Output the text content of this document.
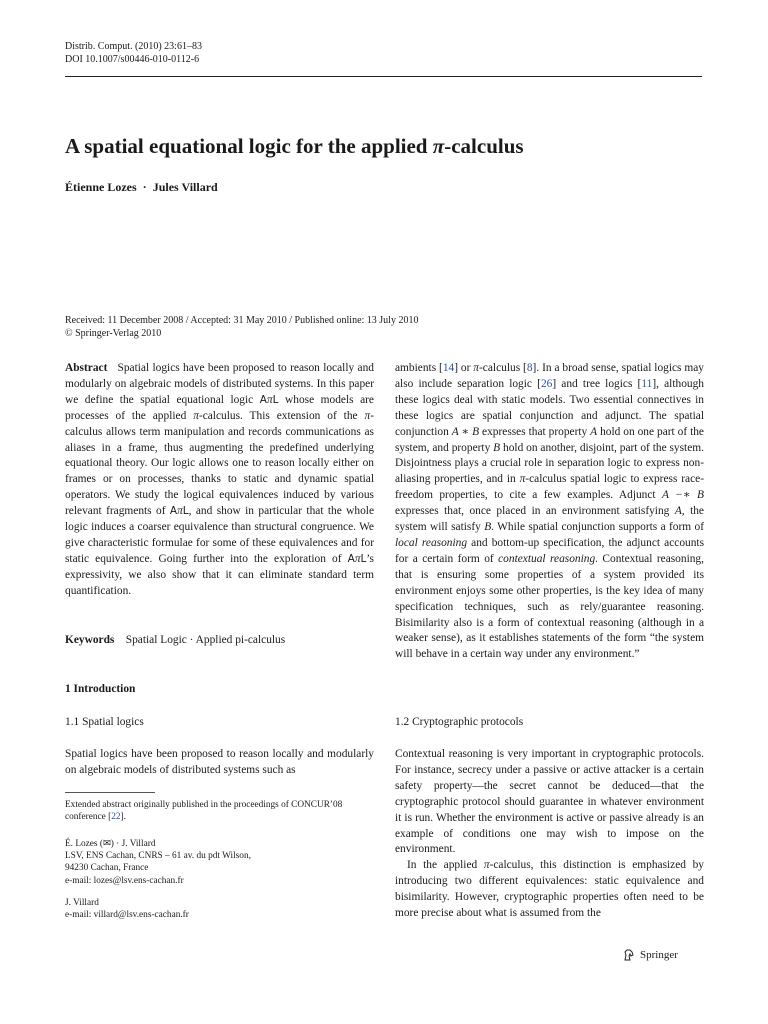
Distrib. Comput. (2010) 23:61–83
DOI 10.1007/s00446-010-0112-6
A spatial equational logic for the applied π-calculus
Étienne Lozes · Jules Villard
Received: 11 December 2008 / Accepted: 31 May 2010 / Published online: 13 July 2010
© Springer-Verlag 2010

Abstract Spatial logics have been proposed to reason locally and modularly on algebraic models of distributed systems. In this paper we define the spatial equational logic AπL whose models are processes of the applied π-calculus. This extension of the π-calculus allows term manipulation and records communications as aliases in a frame, thus augmenting the predefined underlying equational theory. Our logic allows one to reason locally either on frames or on processes, thanks to static and dynamic spatial operators. We study the logical equivalences induced by various relevant fragments of AπL, and show in particular that the whole logic induces a coarser equivalence than structural congruence. We give characteristic formulae for some of these equivalences and for static equivalence. Going further into the exploration of AπL’s expressivity, we also show that it can eliminate standard term quantification.

Keywords Spatial Logic · Applied pi-calculus
1 Introduction
1.1 Spatial logics
Spatial logics have been proposed to reason locally and modularly on algebraic models of distributed systems such as
Extended abstract originally published in the proceedings of CONCUR’08 conference [22].
É. Lozes (✉) · J. Villard
LSV, ENS Cachan, CNRS – 61 av. du pdt Wilson,
94230 Cachan, France
e-mail: lozes@lsv.ens-cachan.fr
J. Villard
e-mail: villard@lsv.ens-cachan.fr
1.2 Cryptographic protocols

ambients [14] or π-calculus [8]. In a broad sense, spatial logics may also include separation logic [26] and tree logics [11], although these logics deal with static models. Two essential connectives in these logics are spatial conjunction and adjunct. The spatial conjunction A ∗ B expresses that property A hold on one part of the system, and property B hold on another, disjoint, part of the system. Disjointness plays a crucial role in separation logic to express non-aliasing properties, and in π-calculus spatial logic to express race-freedom properties, to cite a few examples. Adjunct A −∗ B expresses that, once placed in an environment satisfying A, the system will satisfy B. While spatial conjunction supports a form of local reasoning and bottom-up specification, the adjunct accounts for a certain form of contextual reasoning. Contextual reasoning, that is ensuring some properties of a system provided its environment enjoys some other properties, is the key idea of many specification techniques, such as rely/guarantee reasoning. Bisimilarity also is a form of contextual reasoning (although in a weaker sense), as it establishes statements of the form “the system will behave in a certain way under any environment.”

Contextual reasoning is very important in cryptographic protocols. For instance, secrecy under a passive or active attacker is a certain safety property—the secret cannot be deduced—that the cryptographic protocol should guarantee in whatever environment it is run. Whether the environment is active or passive already is an example of conditions one may wish to impose on the environment.

In the applied π-calculus, this distinction is emphasized by introducing two different equivalences: static equivalence and bisimilarity. However, cryptographic properties often need to be more precise about what is assumed from the

Springer
